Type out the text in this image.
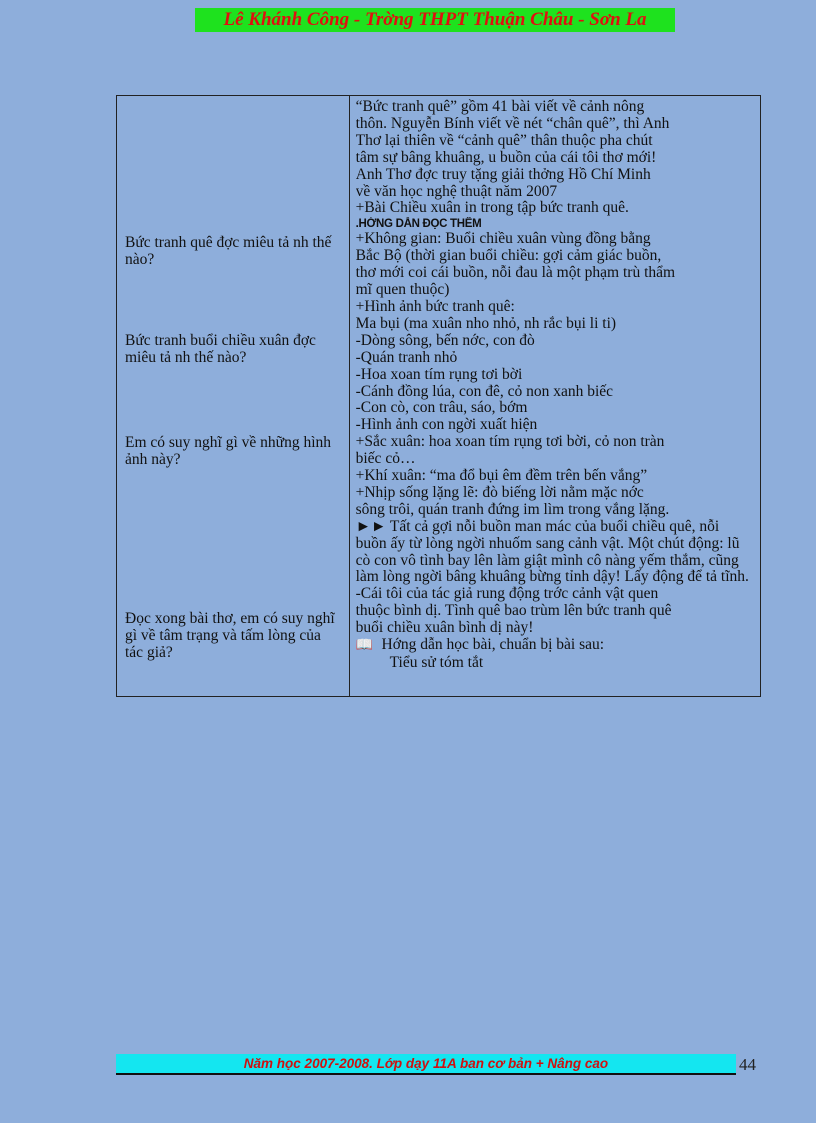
Lê Khánh Công - Trờng THPT Thuận Châu - Sơn La
Bức tranh quê đợc miêu tả nh thế nào?
Bức tranh buổi chiều xuân đợc miêu tả nh thế nào?
Em có suy nghĩ gì về những hình ảnh này?
Đọc xong bài thơ, em có suy nghĩ gì về tâm trạng và tấm lòng của tác giả?

“Bức tranh quê” gồm 41 bài viết về cảnh nông
thôn. Nguyễn Bính viết về nét “chân quê”, thì Anh
Thơ lại thiên về “cảnh quê” thân thuộc pha chút
tâm sự bâng khuâng, u buồn của cái tôi thơ mới!
Anh Thơ đợc truy tặng giải thởng Hồ Chí Minh
về văn học nghệ thuật năm 2007
+Bài Chiều xuân in trong tập bức tranh quê.
.HỚNG DẪN ĐỌC THÊM
+Không gian: Buổi chiều xuân vùng đồng bằng
Bắc Bộ (thời gian buổi chiều: gợi cảm giác buồn,
thơ mới coi cái buồn, nỗi đau là một phạm trù thẩm
mĩ quen thuộc)
+Hình ảnh bức tranh quê:
Ma bụi (ma xuân nho nhỏ, nh rắc bụi li ti)
-Dòng sông, bến nớc, con đò
-Quán tranh nhỏ
-Hoa xoan tím rụng tơi bời
-Cánh đồng lúa, con đê, cỏ non xanh biếc
-Con cò, con trâu, sáo, bớm
-Hình ảnh con ngời xuất hiện
+Sắc xuân: hoa xoan tím rụng tơi bời, cỏ non tràn
biếc cỏ…
+Khí xuân: “ma đổ bụi êm đềm trên bến vắng”
+Nhịp sống lặng lẽ: đò biếng lời nằm mặc nớc
sông trôi, quán tranh đứng im lìm trong vắng lặng.
►► Tất cả gợi nỗi buồn man mác của buổi chiều quê, nỗi buồn ấy từ lòng ngời nhuốm sang cảnh vật. Một chút động: lũ cò con vô tình bay lên làm giật mình cô nàng yếm thắm, cũng làm lòng ngời bâng khuâng bừng tỉnh dậy! Lấy động để tả tĩnh.
-Cái tôi của tác giả rung động trớc cảnh vật quen
thuộc bình dị. Tình quê bao trùm lên bức tranh quê
buổi chiều xuân bình dị này!
📖 Hớng dẫn học bài, chuẩn bị bài sau:
Tiểu sử tóm tắt
Năm học 2007-2008. Lớp dạy 11A ban cơ bản + Nâng cao	44
